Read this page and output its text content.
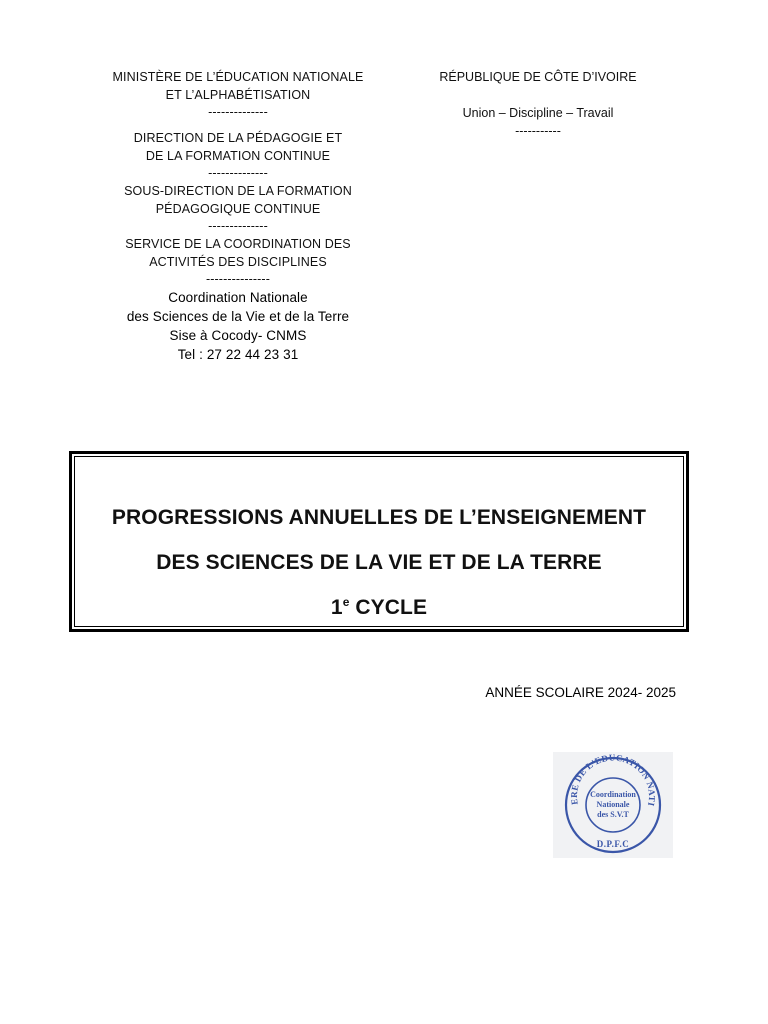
MINISTÈRE DE L’ÉDUCATION NATIONALE
ET L’ALPHABÉTISATION
--------------
DIRECTION DE LA PÉDAGOGIE ET
DE LA FORMATION CONTINUE
--------------
SOUS-DIRECTION DE LA FORMATION
PÉDAGOGIQUE CONTINUE
--------------
SERVICE DE LA COORDINATION DES
ACTIVITÉS DES DISCIPLINES
---------------
Coordination Nationale
des Sciences de la Vie et de la Terre
Sise à Cocody- CNMS
Tel : 27 22 44 23 31
RÉPUBLIQUE DE CÔTE D’IVOIRE
Union – Discipline – Travail
-----------
PROGRESSIONS ANNUELLES DE L’ENSEIGNEMENT
DES SCIENCES DE LA VIE ET DE LA TERRE
1e CYCLE
ANNÉE SCOLAIRE 2024- 2025
ERE DE L'EDUCATION NATI
Coordination
Nationale
des S.V.T
D.P.F.C
